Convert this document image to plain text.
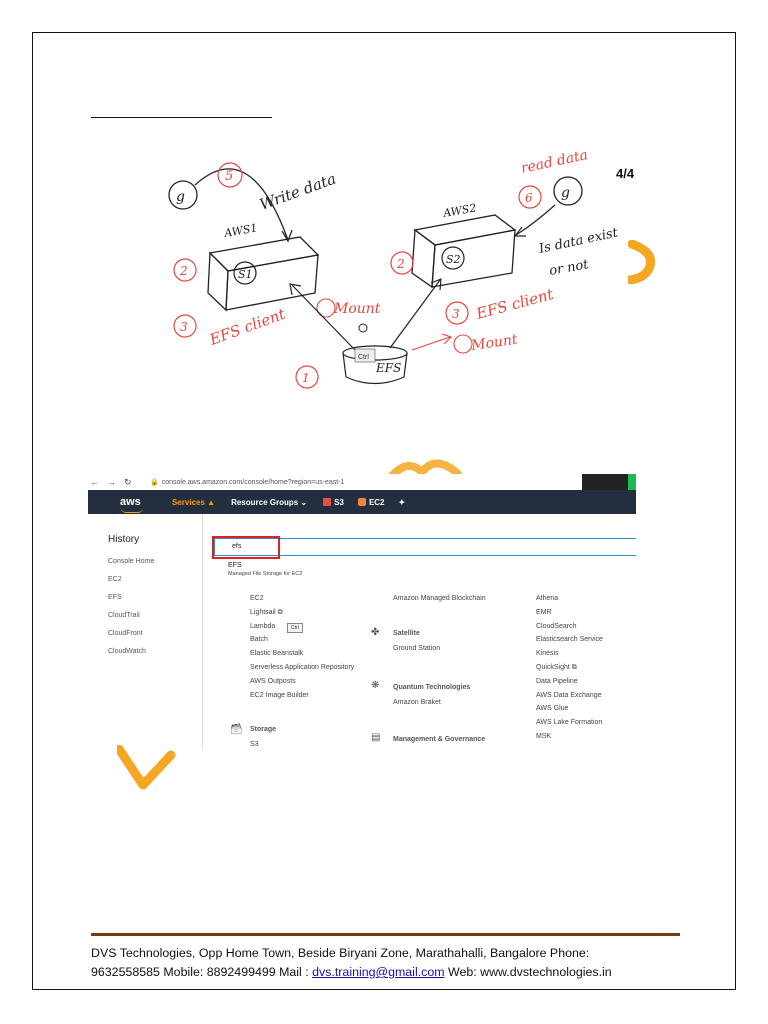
4/4
g
5 Write data
AWS1
S1
2
3 EFS client	Mount
Ctrl
EFS
1
Mount
AWS2
S2
2
3 EFS client
g
6
read data
Is data exist
or not
← → ↻	🔒 console.aws.amazon.com/console/home?region=us-east-1
aws	Services ▲ Resource Groups ⌄	S3	EC2 ✦
History
Console Home
EC2
EFS
CloudTrail
CloudFront
CloudWatch
efs
EFS
Managed File Storage for EC2
EC2
Lightsail ⧉
Lambda
Batch
Elastic Beanstalk
Serverless Application Repository
AWS Outposts
EC2 Image Builder
Ctrl
🗃 Storage
S3
Amazon Managed Blockchain
✤ Satellite
Ground Station
❋ Quantum Technologies
Amazon Braket
▤ Management & Governance
Athena
EMR
CloudSearch
Elasticsearch Service
Kinesis
QuickSight ⧉
Data Pipeline
AWS Data Exchange
AWS Glue
AWS Lake Formation
MSK
DVS Technologies, Opp Home Town, Beside Biryani Zone, Marathahalli, Bangalore Phone:
9632558585 Mobile: 8892499499 Mail : dvs.training@gmail.com Web: www.dvstechnologies.in
